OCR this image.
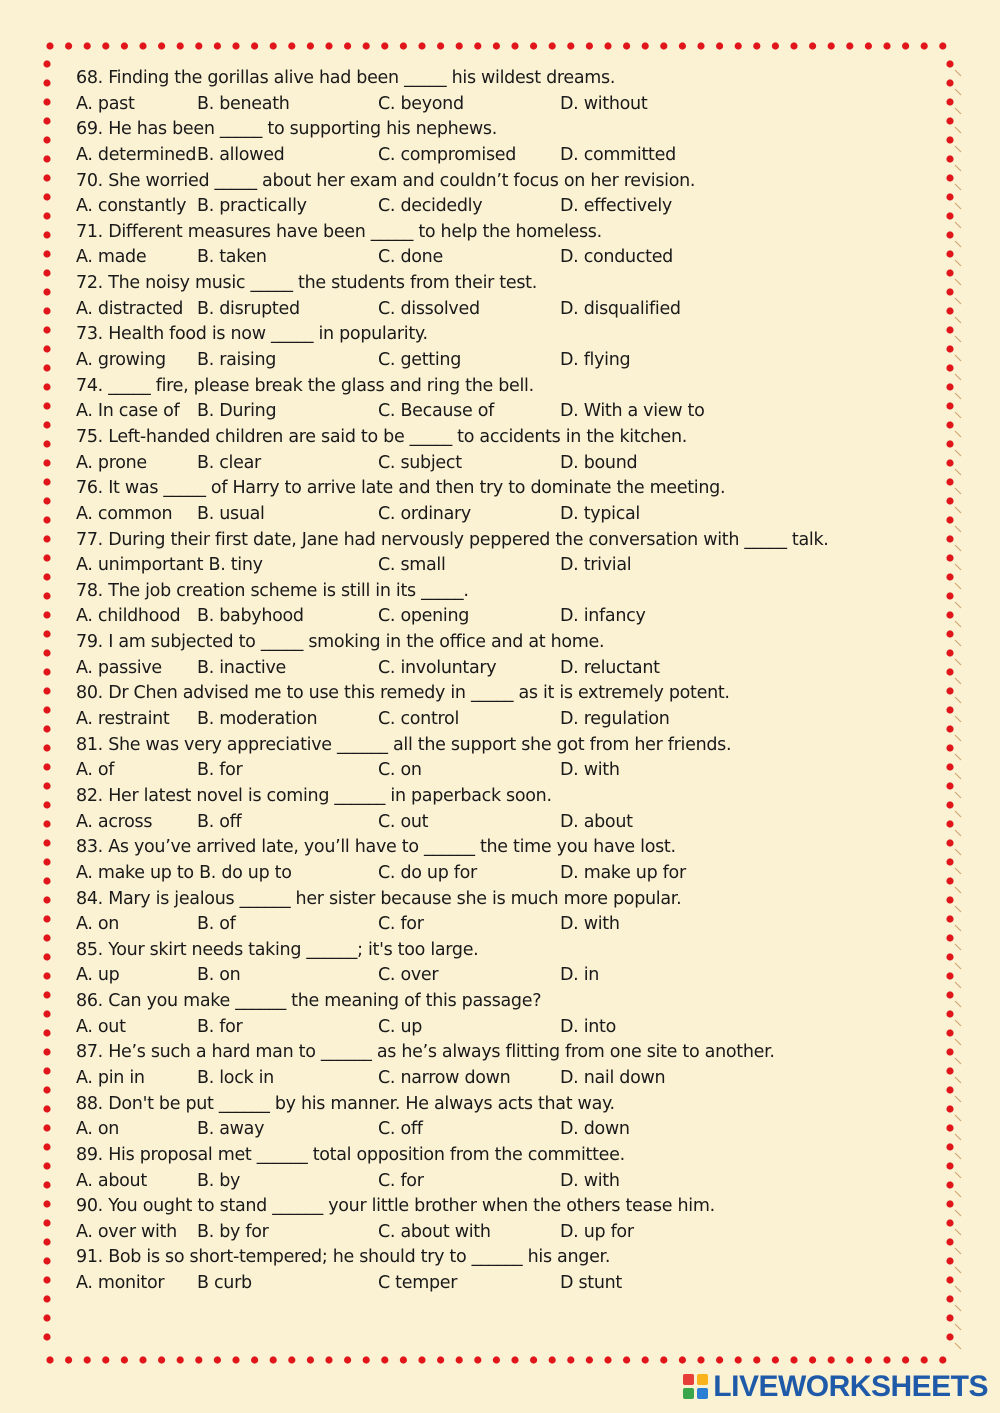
68. Finding the gorillas alive had been _____ his wildest dreams.
A. past	B. beneath	C. beyond	D. without
69. He has been _____ to supporting his nephews.
A. determined B. allowed	C. compromised	D. committed
70. She worried _____ about her exam and couldn’t focus on her revision.
A. constantly B. practically	C. decidedly	D. effectively
71. Different measures have been _____ to help the homeless.
A. made	B. taken	C. done	D. conducted
72. The noisy music _____ the students from their test.
A. distracted B. disrupted	C. dissolved	D. disqualified
73. Health food is now _____ in popularity.
A. growing B. raising	C. getting	D. flying
74. _____ fire, please break the glass and ring the bell.
A. In case of B. During	C. Because of	D. With a view to
75. Left-handed children are said to be _____ to accidents in the kitchen.
A. prone	B. clear	C. subject	D. bound
76. It was _____ of Harry to arrive late and then try to dominate the meeting.
A. common B. usual	C. ordinary	D. typical
77. During their first date, Jane had nervously peppered the conversation with _____ talk.
A. unimportant B. tiny	C. small	D. trivial
78. The job creation scheme is still in its _____.
A. childhood B. babyhood	C. opening	D. infancy
79. I am subjected to _____ smoking in the office and at home.
A. passive B. inactive	C. involuntary	D. reluctant
80. Dr Chen advised me to use this remedy in _____ as it is extremely potent.
A. restraint B. moderation	C. control	D. regulation
81. She was very appreciative ______ all the support she got from her friends.
A. of	B. for	C. on	D. with
82. Her latest novel is coming ______ in paperback soon.
A. across	B. off	C. out	D. about
83. As you’ve arrived late, you’ll have to ______ the time you have lost.
A. make up to B. do up to	C. do up for	D. make up for
84. Mary is jealous ______ her sister because she is much more popular.
A. on	B. of	C. for	D. with
85. Your skirt needs taking ______; it's too large.
A. up	B. on	C. over	D. in
86. Can you make ______ the meaning of this passage?
A. out	B. for	C. up	D. into
87. He’s such a hard man to ______ as he’s always flitting from one site to another.
A. pin in	B. lock in	C. narrow down	D. nail down
88. Don't be put ______ by his manner. He always acts that way.
A. on	B. away	C. off	D. down
89. His proposal met ______ total opposition from the committee.
A. about	B. by	C. for	D. with
90. You ought to stand ______ your little brother when the others tease him.
A. over with B. by for	C. about with	D. up for
91. Bob is so short-tempered; he should try to ______ his anger.
A. monitor B curb	C temper	D stunt
LIVEWORKSHEETS
